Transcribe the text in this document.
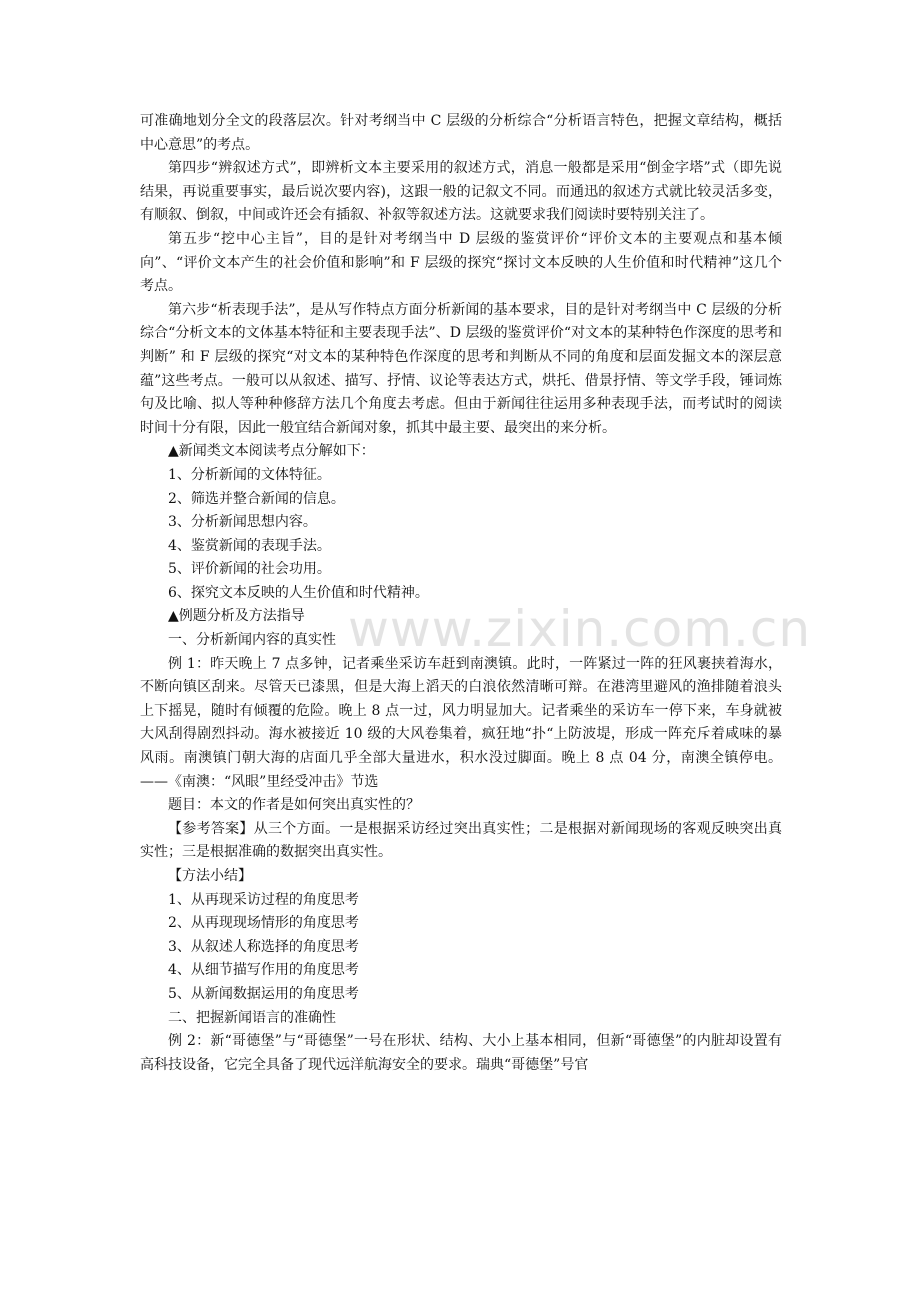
可准确地划分全文的段落层次。针对考纲当中 C 层级的分析综合“分析语言特色，把握文章结构，概括中心意思”的考点。

第四步“辨叙述方式”，即辨析文本主要采用的叙述方式，消息一般都是采用“倒金字塔”式（即先说结果，再说重要事实，最后说次要内容)，这跟一般的记叙文不同。而通迅的叙述方式就比较灵活多变，有顺叙、倒叙，中间或许还会有插叙、补叙等叙述方法。这就要求我们阅读时要特别关注了。

第五步“挖中心主旨”，目的是针对考纲当中 D 层级的鉴赏评价“评价文本的主要观点和基本倾向”、“评价文本产生的社会价值和影响”和 F 层级的探究“探讨文本反映的人生价值和时代精神”这几个考点。

第六步“析表现手法”，是从写作特点方面分析新闻的基本要求，目的是针对考纲当中 C 层级的分析综合“分析文本的文体基本特征和主要表现手法”、D 层级的鉴赏评价“对文本的某种特色作深度的思考和判断” 和 F 层级的探究“对文本的某种特色作深度的思考和判断从不同的角度和层面发掘文本的深层意蕴”这些考点。一般可以从叙述、描写、抒情、议论等表达方式，烘托、借景抒情、等文学手段，锤词炼句及比喻、拟人等种种修辞方法几个角度去考虑。但由于新闻往往运用多种表现手法，而考试时的阅读时间十分有限，因此一般宜结合新闻对象，抓其中最主要、最突出的来分析。

▲新闻类文本阅读考点分解如下：

1、分析新闻的文体特征。

2、筛选并整合新闻的信息。

3、分析新闻思想内容。

4、鉴赏新闻的表现手法。

5、评价新闻的社会功用。

6、探究文本反映的人生价值和时代精神。

▲例题分析及方法指导

一、分析新闻内容的真实性

例 1：昨天晚上 7 点多钟，记者乘坐采访车赶到南澳镇。此时，一阵紧过一阵的狂风裹挟着海水，不断向镇区刮来。尽管天已漆黑，但是大海上滔天的白浪依然清晰可辩。在港湾里避风的渔排随着浪头上下摇晃，随时有倾覆的危险。晚上 8 点一过，风力明显加大。记者乘坐的采访车一停下来，车身就被大风刮得剧烈抖动。海水被接近 10 级的大风卷集着，疯狂地“扑“上防波堤，形成一阵充斥着咸味的暴风雨。南澳镇门朝大海的店面几乎全部大量进水，积水没过脚面。晚上 8 点 04 分，南澳全镇停电。——《南澳：“风眼”里经受冲击》节选

题目：本文的作者是如何突出真实性的？

【参考答案】从三个方面。一是根据采访经过突出真实性；二是根据对新闻现场的客观反映突出真实性；三是根据准确的数据突出真实性。

【方法小结】

1、从再现采访过程的角度思考

2、从再现现场情形的角度思考

3、从叙述人称选择的角度思考

4、从细节描写作用的角度思考

5、从新闻数据运用的角度思考

二、把握新闻语言的准确性

例 2：新“哥德堡”与“哥德堡”一号在形状、结构、大小上基本相同，但新“哥德堡”的内脏却设置有高科技设备，它完全具备了现代远洋航海安全的要求。瑞典“哥德堡”号官

www.zixin.com.cn
